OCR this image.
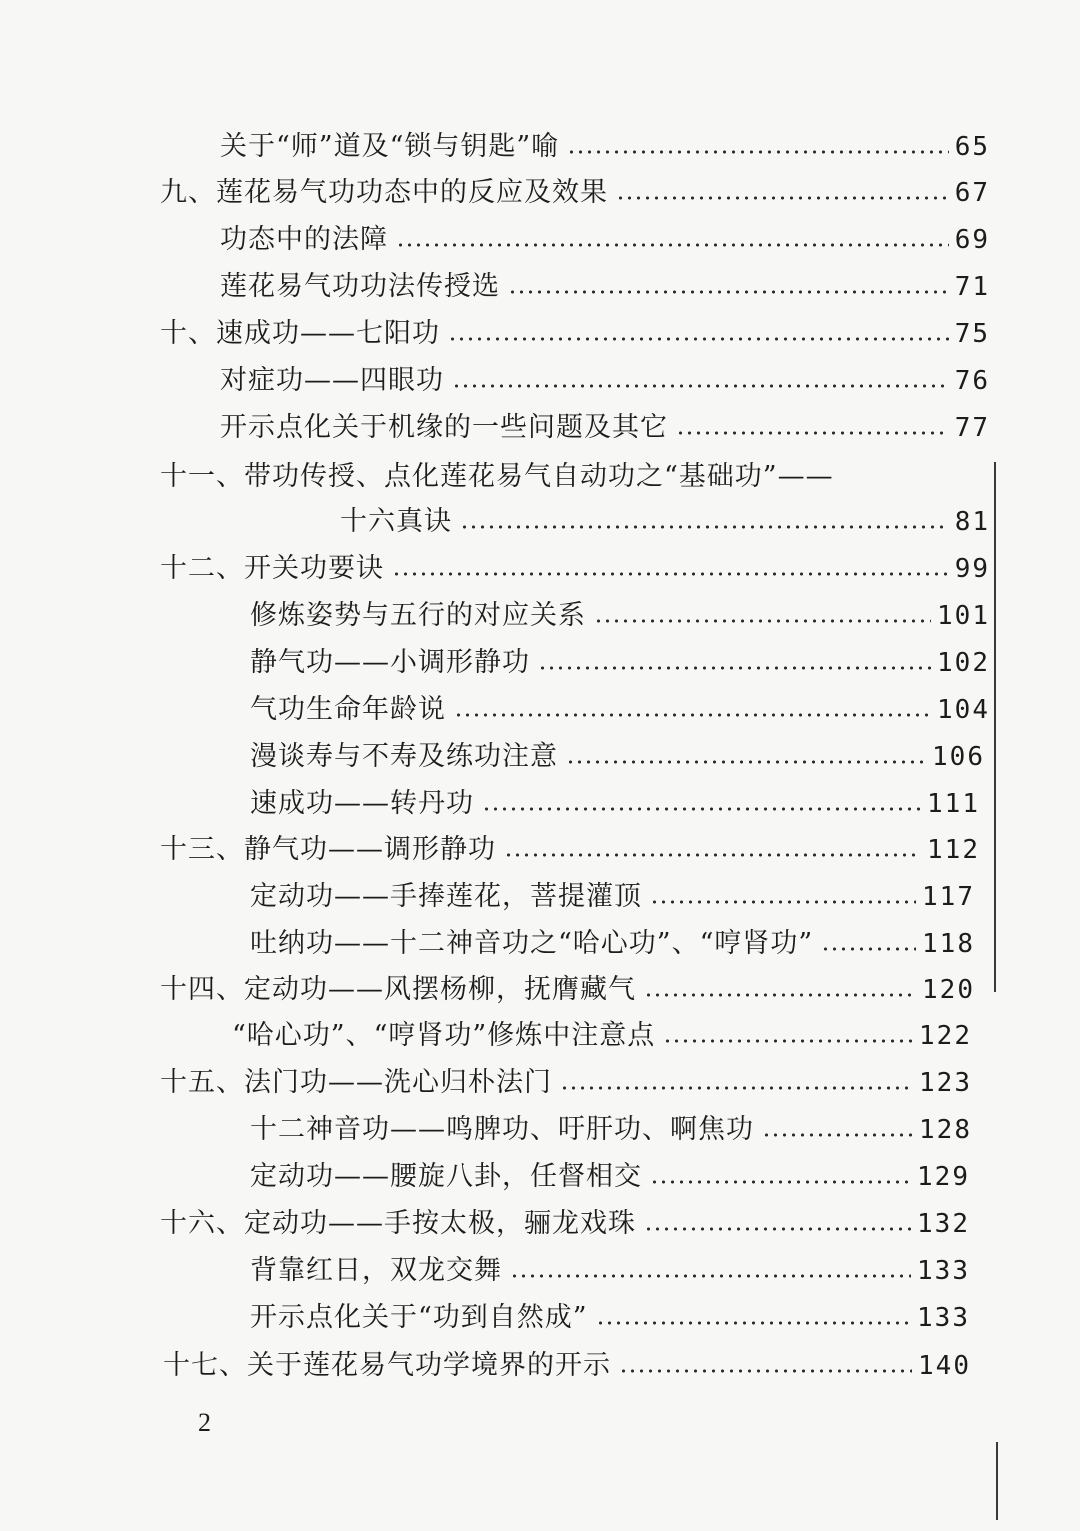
关于“师”道及“锁与钥匙”喻	65
九、莲花易气功功态中的反应及效果	67
功态中的法障	69
莲花易气功功法传授选	71
十、速成功——七阳功	75
对症功——四眼功	76
开示点化关于机缘的一些问题及其它	77
十一、带功传授、点化莲花易气自动功之“基础功”——
十六真诀	81
十二、开关功要诀	99
修炼姿势与五行的对应关系	101
静气功——小调形静功	102
气功生命年龄说	104
漫谈寿与不寿及练功注意	106
速成功——转丹功	111
十三、静气功——调形静功	112
定动功——手捧莲花，菩提灌顶	117
吐纳功——十二神音功之“哈心功”、“哼肾功”	118
十四、定动功——风摆杨柳，抚膺藏气	120
“哈心功”、“哼肾功”修炼中注意点	122
十五、法门功——洗心归朴法门	123
十二神音功——鸣脾功、吁肝功、啊焦功	128
定动功——腰旋八卦，任督相交	129
十六、定动功——手按太极，骊龙戏珠	132
背靠红日，双龙交舞	133
开示点化关于“功到自然成”	133
十七、关于莲花易气功学境界的开示	140
2
